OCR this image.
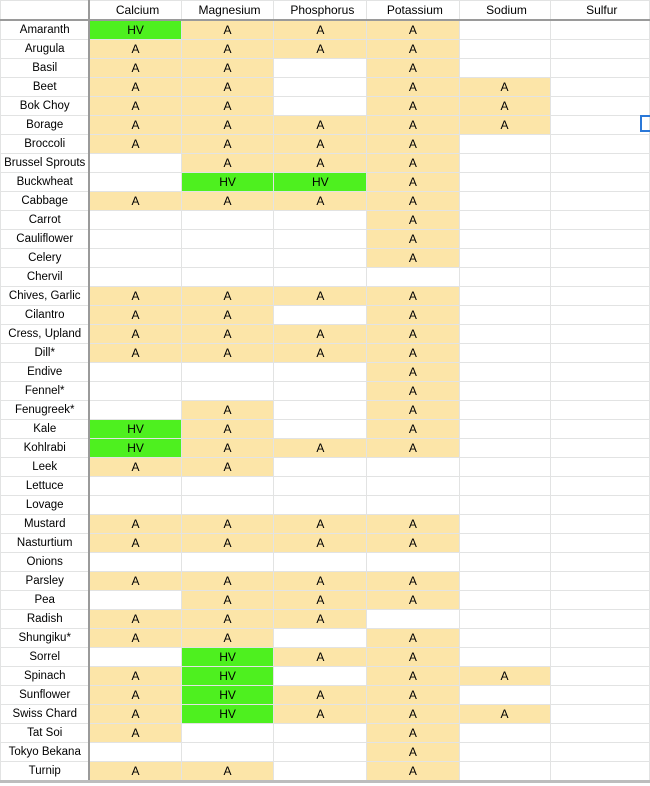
	Calcium	Magnesium	Phosphorus	Potassium	Sodium	Sulfur
Amaranth	HV	A	A	A		
Arugula	A	A	A	A		
Basil	A	A		A		
Beet	A	A		A	A	
Bok Choy	A	A		A	A	
Borage	A	A	A	A	A	
Broccoli	A	A	A	A		
Brussel Sprouts		A	A	A		
Buckwheat		HV	HV	A		
Cabbage	A	A	A	A		
Carrot				A		
Cauliflower				A		
Celery				A		
Chervil						
Chives, Garlic	A	A	A	A		
Cilantro	A	A		A		
Cress, Upland	A	A	A	A		
Dill*	A	A	A	A		
Endive				A		
Fennel*				A		
Fenugreek*		A		A		
Kale	HV	A		A		
Kohlrabi	HV	A	A	A		
Leek	A	A				
Lettuce						
Lovage						
Mustard	A	A	A	A		
Nasturtium	A	A	A	A		
Onions						
Parsley	A	A	A	A		
Pea		A	A	A		
Radish	A	A	A			
Shungiku*	A	A		A		
Sorrel		HV	A	A		
Spinach	A	HV		A	A	
Sunflower	A	HV	A	A		
Swiss Chard	A	HV	A	A	A	
Tat Soi	A			A		
Tokyo Bekana				A		
Turnip	A	A		A		
